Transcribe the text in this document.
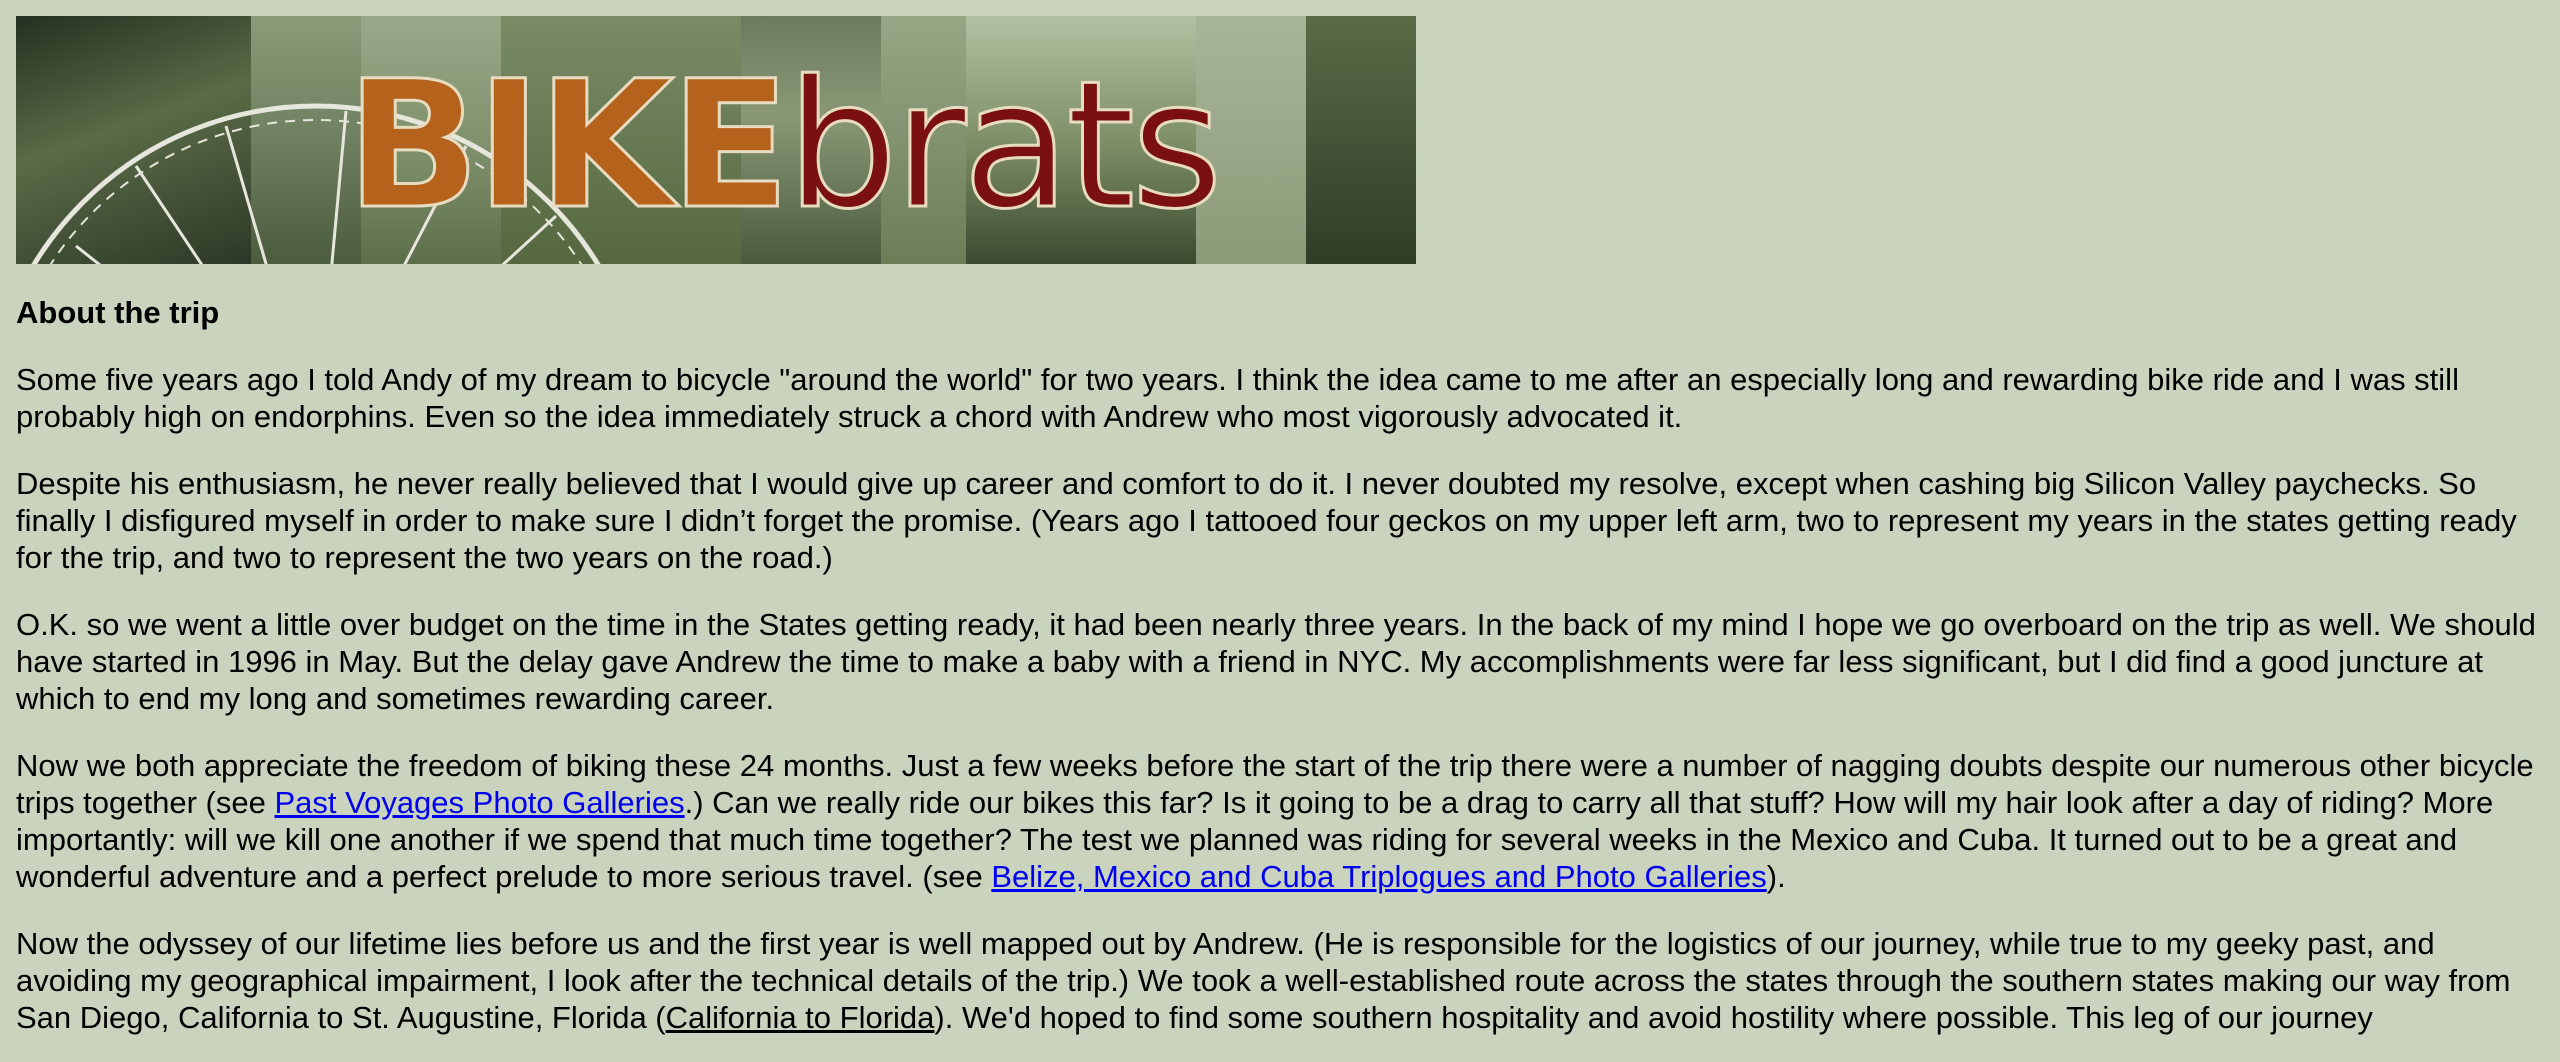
BIKEbrats
About the trip

Some five years ago I told Andy of my dream to bicycle "around the world" for two years. I think the idea came to me after an especially long and rewarding bike ride and I was still probably high on endorphins. Even so the idea immediately struck a chord with Andrew who most vigorously advocated it.

Despite his enthusiasm, he never really believed that I would give up career and comfort to do it. I never doubted my resolve, except when cashing big Silicon Valley paychecks. So finally I disfigured myself in order to make sure I didn’t forget the promise. (Years ago I tattooed four geckos on my upper left arm, two to represent my years in the states getting ready for the trip, and two to represent the two years on the road.)

O.K. so we went a little over budget on the time in the States getting ready, it had been nearly three years. In the back of my mind I hope we go overboard on the trip as well. We should have started in 1996 in May. But the delay gave Andrew the time to make a baby with a friend in NYC. My accomplishments were far less significant, but I did find a good juncture at which to end my long and sometimes rewarding career.

Now we both appreciate the freedom of biking these 24 months. Just a few weeks before the start of the trip there were a number of nagging doubts despite our numerous other bicycle trips together (see Past Voyages Photo Galleries.) Can we really ride our bikes this far? Is it going to be a drag to carry all that stuff? How will my hair look after a day of riding? More importantly: will we kill one another if we spend that much time together? The test we planned was riding for several weeks in the Mexico and Cuba. It turned out to be a great and wonderful adventure and a perfect prelude to more serious travel. (see Belize, Mexico and Cuba Triplogues and Photo Galleries).

Now the odyssey of our lifetime lies before us and the first year is well mapped out by Andrew. (He is responsible for the logistics of our journey, while true to my geeky past, and avoiding my geographical impairment, I look after the technical details of the trip.) We took a well-established route across the states through the southern states making our way from San Diego, California to St. Augustine, Florida (California to Florida). We'd hoped to find some southern hospitality and avoid hostility where possible. This leg of our journey
